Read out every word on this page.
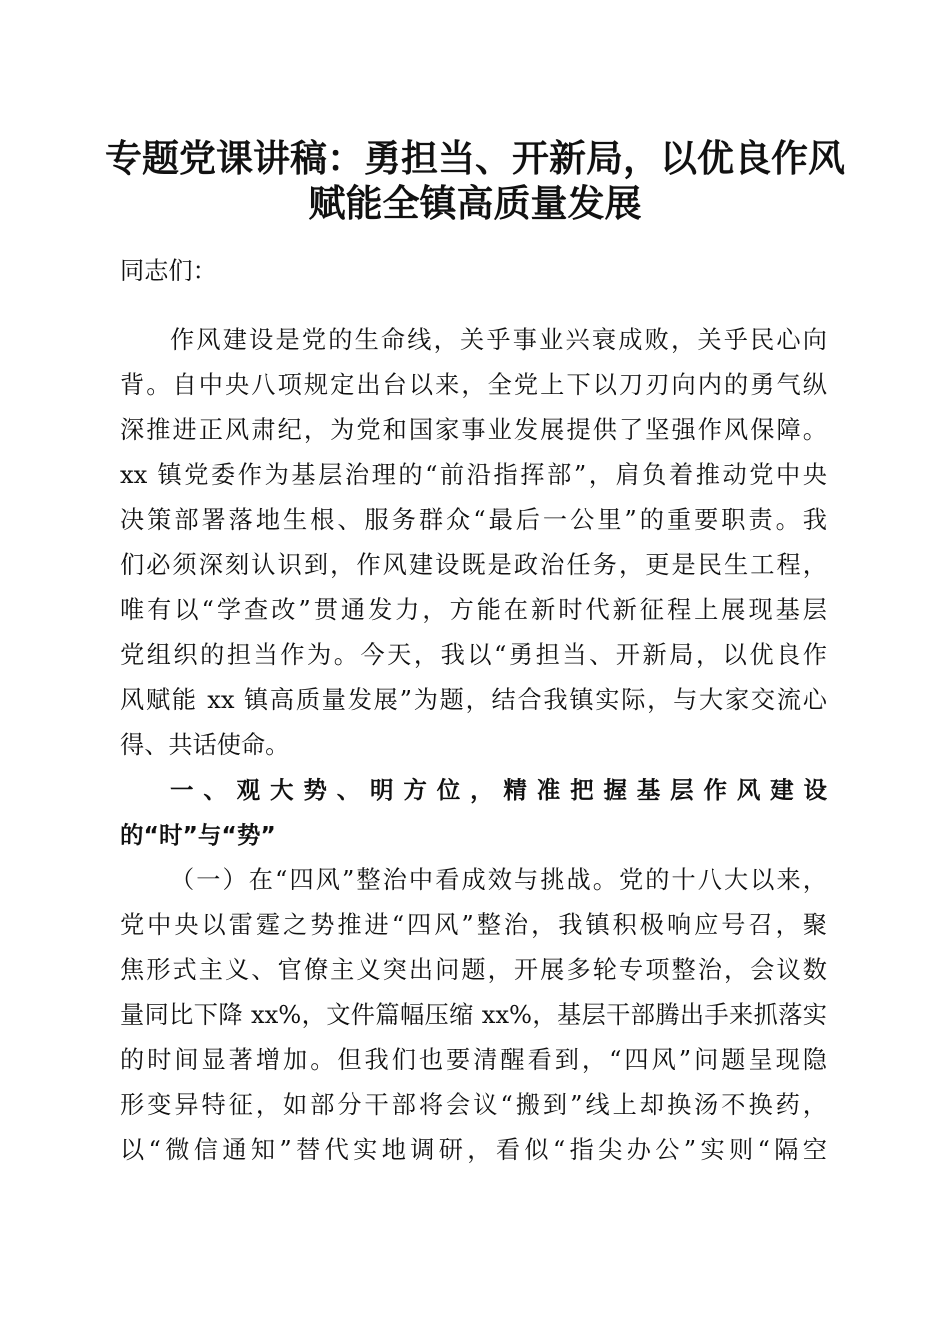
专题党课讲稿：勇担当、开新局，以优良作风
赋能全镇高质量发展

同志们：

作风建设是党的生命线，关乎事业兴衰成败，关乎民心向

背。自中央八项规定出台以来，全党上下以刀刃向内的勇气纵

深推进正风肃纪，为党和国家事业发展提供了坚强作风保障。

xx 镇党委作为基层治理的“前沿指挥部”，肩负着推动党中央

决策部署落地生根、服务群众“最后一公里”的重要职责。我

们必须深刻认识到，作风建设既是政治任务，更是民生工程，

唯有以“学查改”贯通发力，方能在新时代新征程上展现基层

党组织的担当作为。今天，我以“勇担当、开新局，以优良作

风赋能 xx 镇高质量发展”为题，结合我镇实际，与大家交流心

得、共话使命。

一、观大势、明方位，精准把握基层作风建设

的“时”与“势”

（一）在“四风”整治中看成效与挑战。党的十八大以来，

党中央以雷霆之势推进“四风”整治，我镇积极响应号召，聚

焦形式主义、官僚主义突出问题，开展多轮专项整治，会议数

量同比下降 xx%，文件篇幅压缩 xx%，基层干部腾出手来抓落实

的时间显著增加。但我们也要清醒看到，“四风”问题呈现隐

形变异特征，如部分干部将会议“搬到”线上却换汤不换药，

以“微信通知”替代实地调研，看似“指尖办公”实则“隔空
